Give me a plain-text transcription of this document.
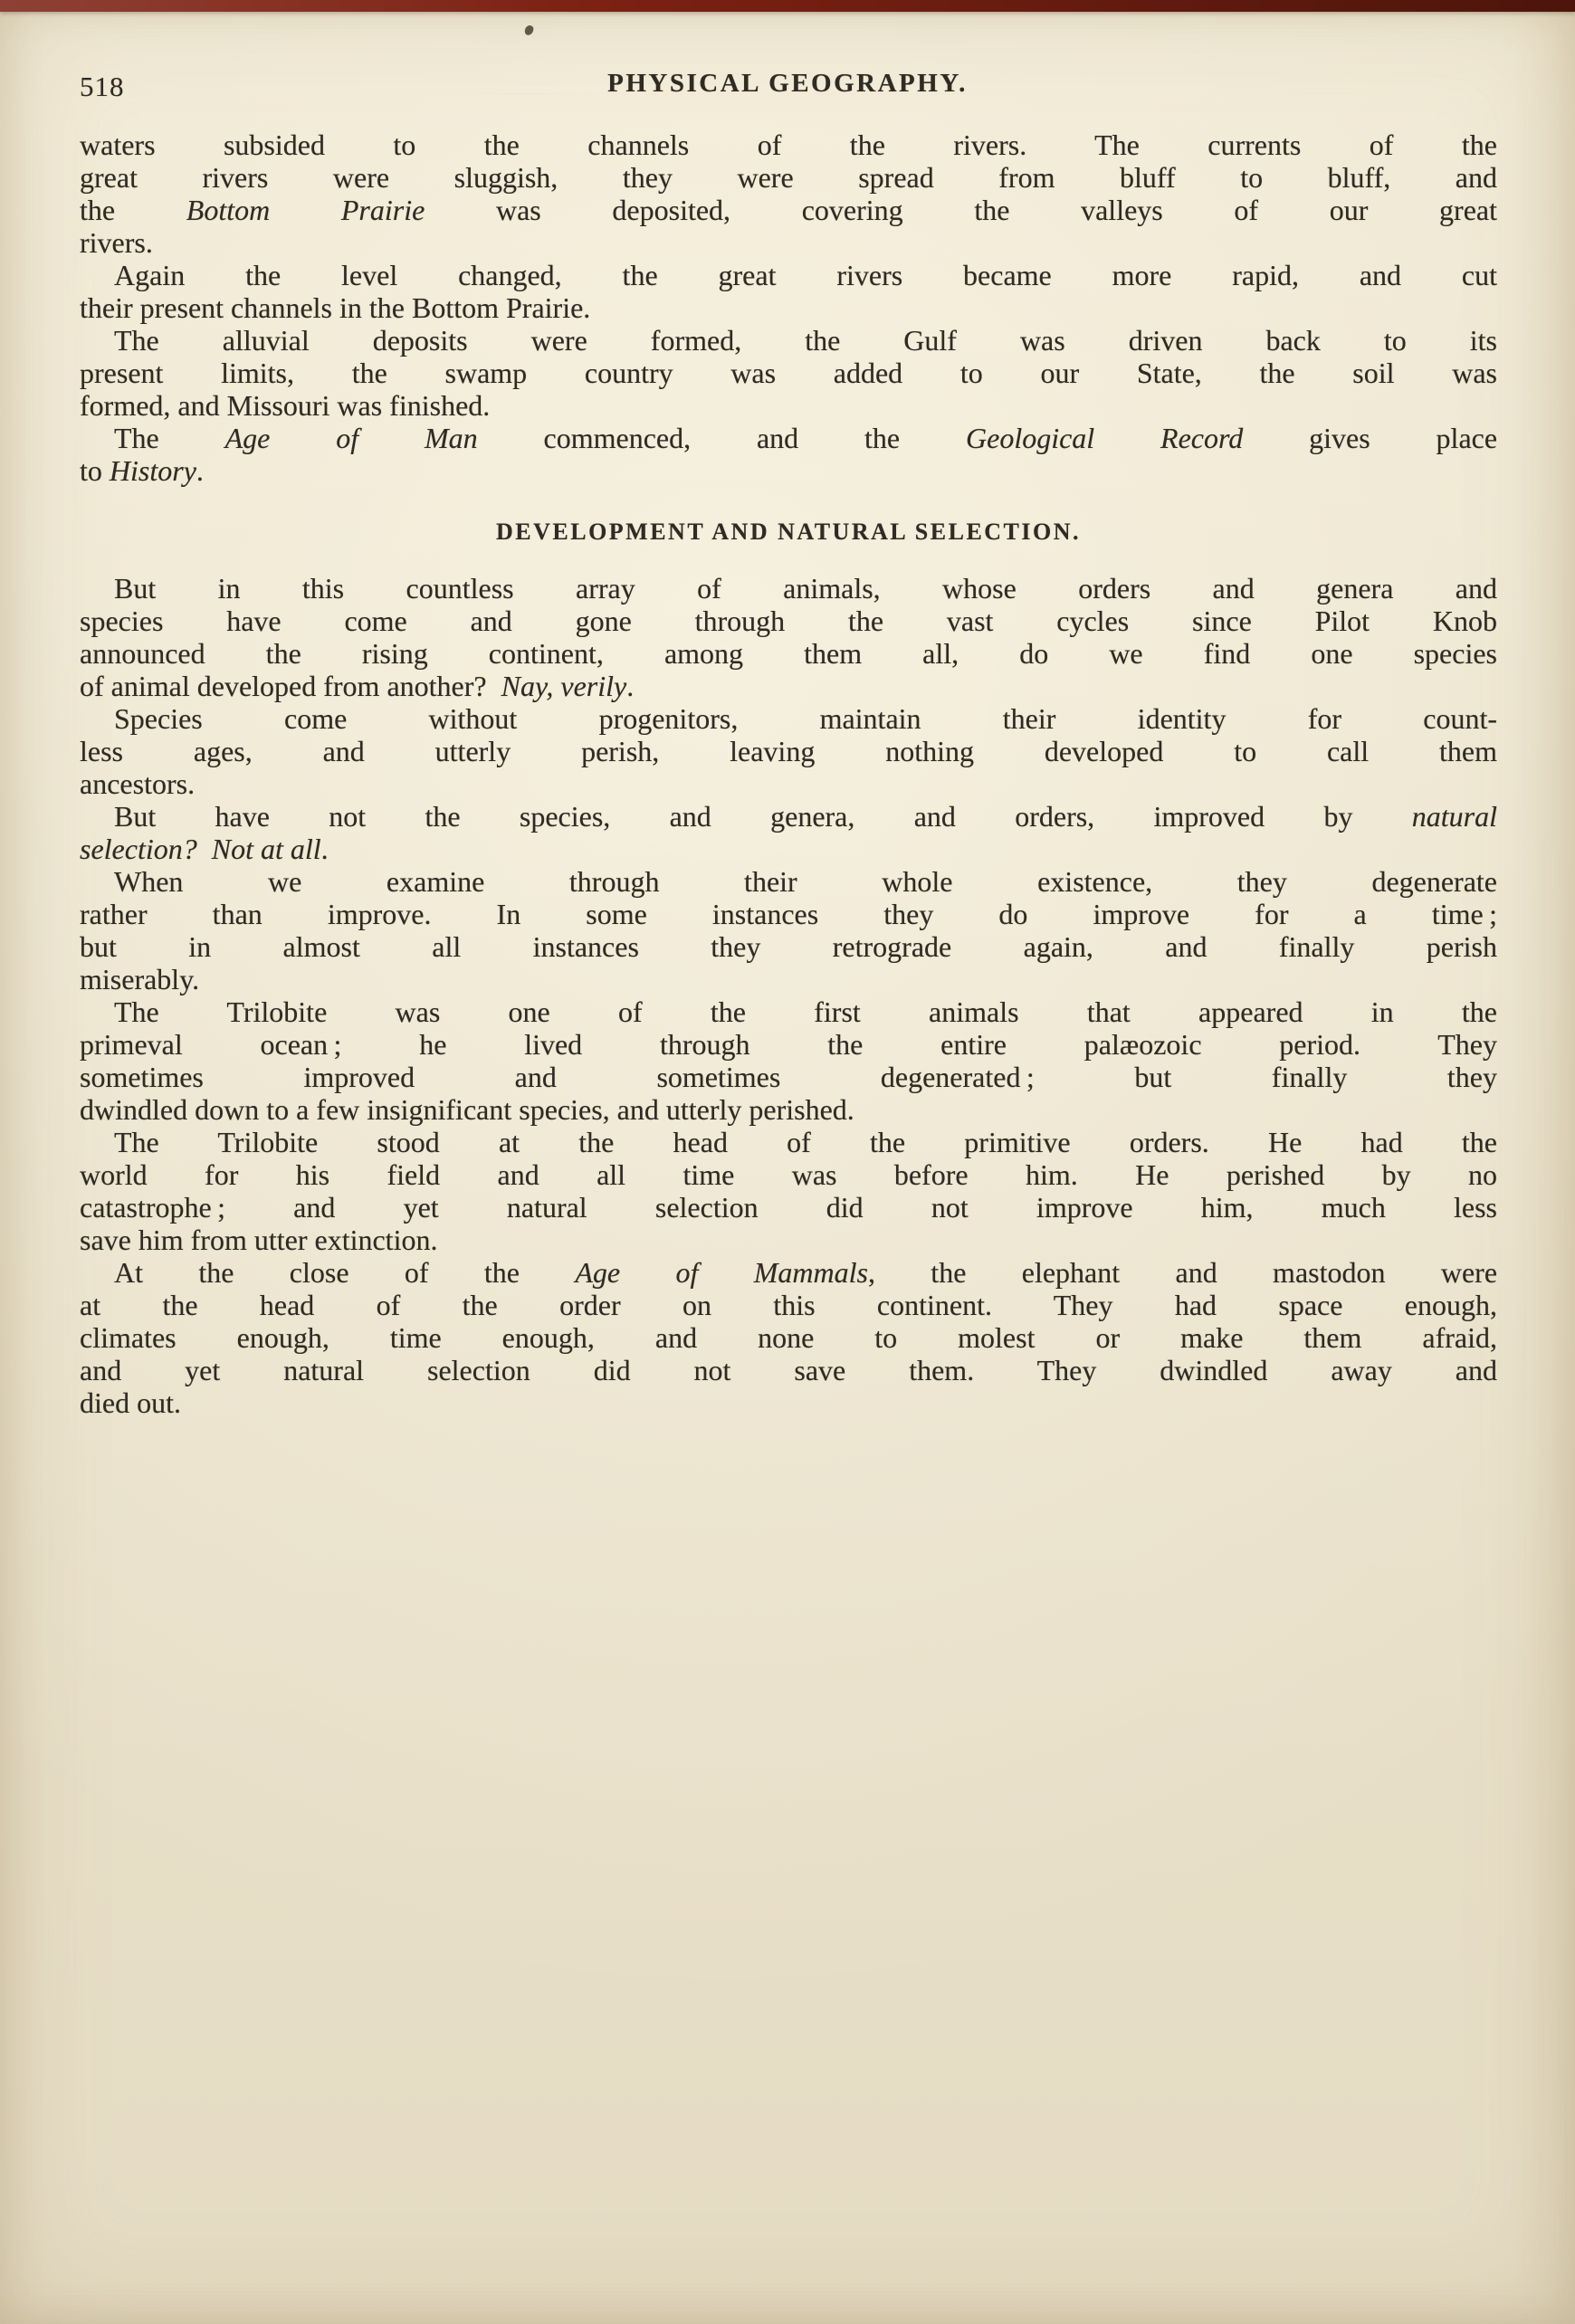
518	PHYSICAL GEOGRAPHY.
waters subsided to the channels of the rivers. The currents of the
great rivers were sluggish, they were spread from bluff to bluff, and
the Bottom Prairie was deposited, covering the valleys of our great
rivers.
Again the level changed, the great rivers became more rapid, and cut
their present channels in the Bottom Prairie.
The alluvial deposits were formed, the Gulf was driven back to its
present limits, the swamp country was added to our State, the soil was
formed, and Missouri was finished.
The Age of Man commenced, and the Geological Record gives place
to History.
DEVELOPMENT AND NATURAL SELECTION.
But in this countless array of animals, whose orders and genera and
species have come and gone through the vast cycles since Pilot Knob
announced the rising continent, among them all, do we find one species
of animal developed from another?  Nay, verily.
Species come without progenitors, maintain their identity for count-
less ages, and utterly perish, leaving nothing developed to call them
ancestors.
But have not the species, and genera, and orders, improved by natural
selection? Not at all.
When we examine through their whole existence, they degenerate
rather than improve. In some instances they do improve for a time ;
but in almost all instances they retrograde again, and finally perish
miserably.
The Trilobite was one of the first animals that appeared in the
primeval ocean ; he lived through the entire palæozoic period. They
sometimes improved and sometimes degenerated ; but finally they
dwindled down to a few insignificant species, and utterly perished.
The Trilobite stood at the head of the primitive orders. He had the
world for his field and all time was before him. He perished by no
catastrophe ; and yet natural selection did not improve him, much less
save him from utter extinction.
At the close of the Age of Mammals, the elephant and mastodon were
at the head of the order on this continent. They had space enough,
climates enough, time enough, and none to molest or make them afraid,
and yet natural selection did not save them. They dwindled away and
died out.
